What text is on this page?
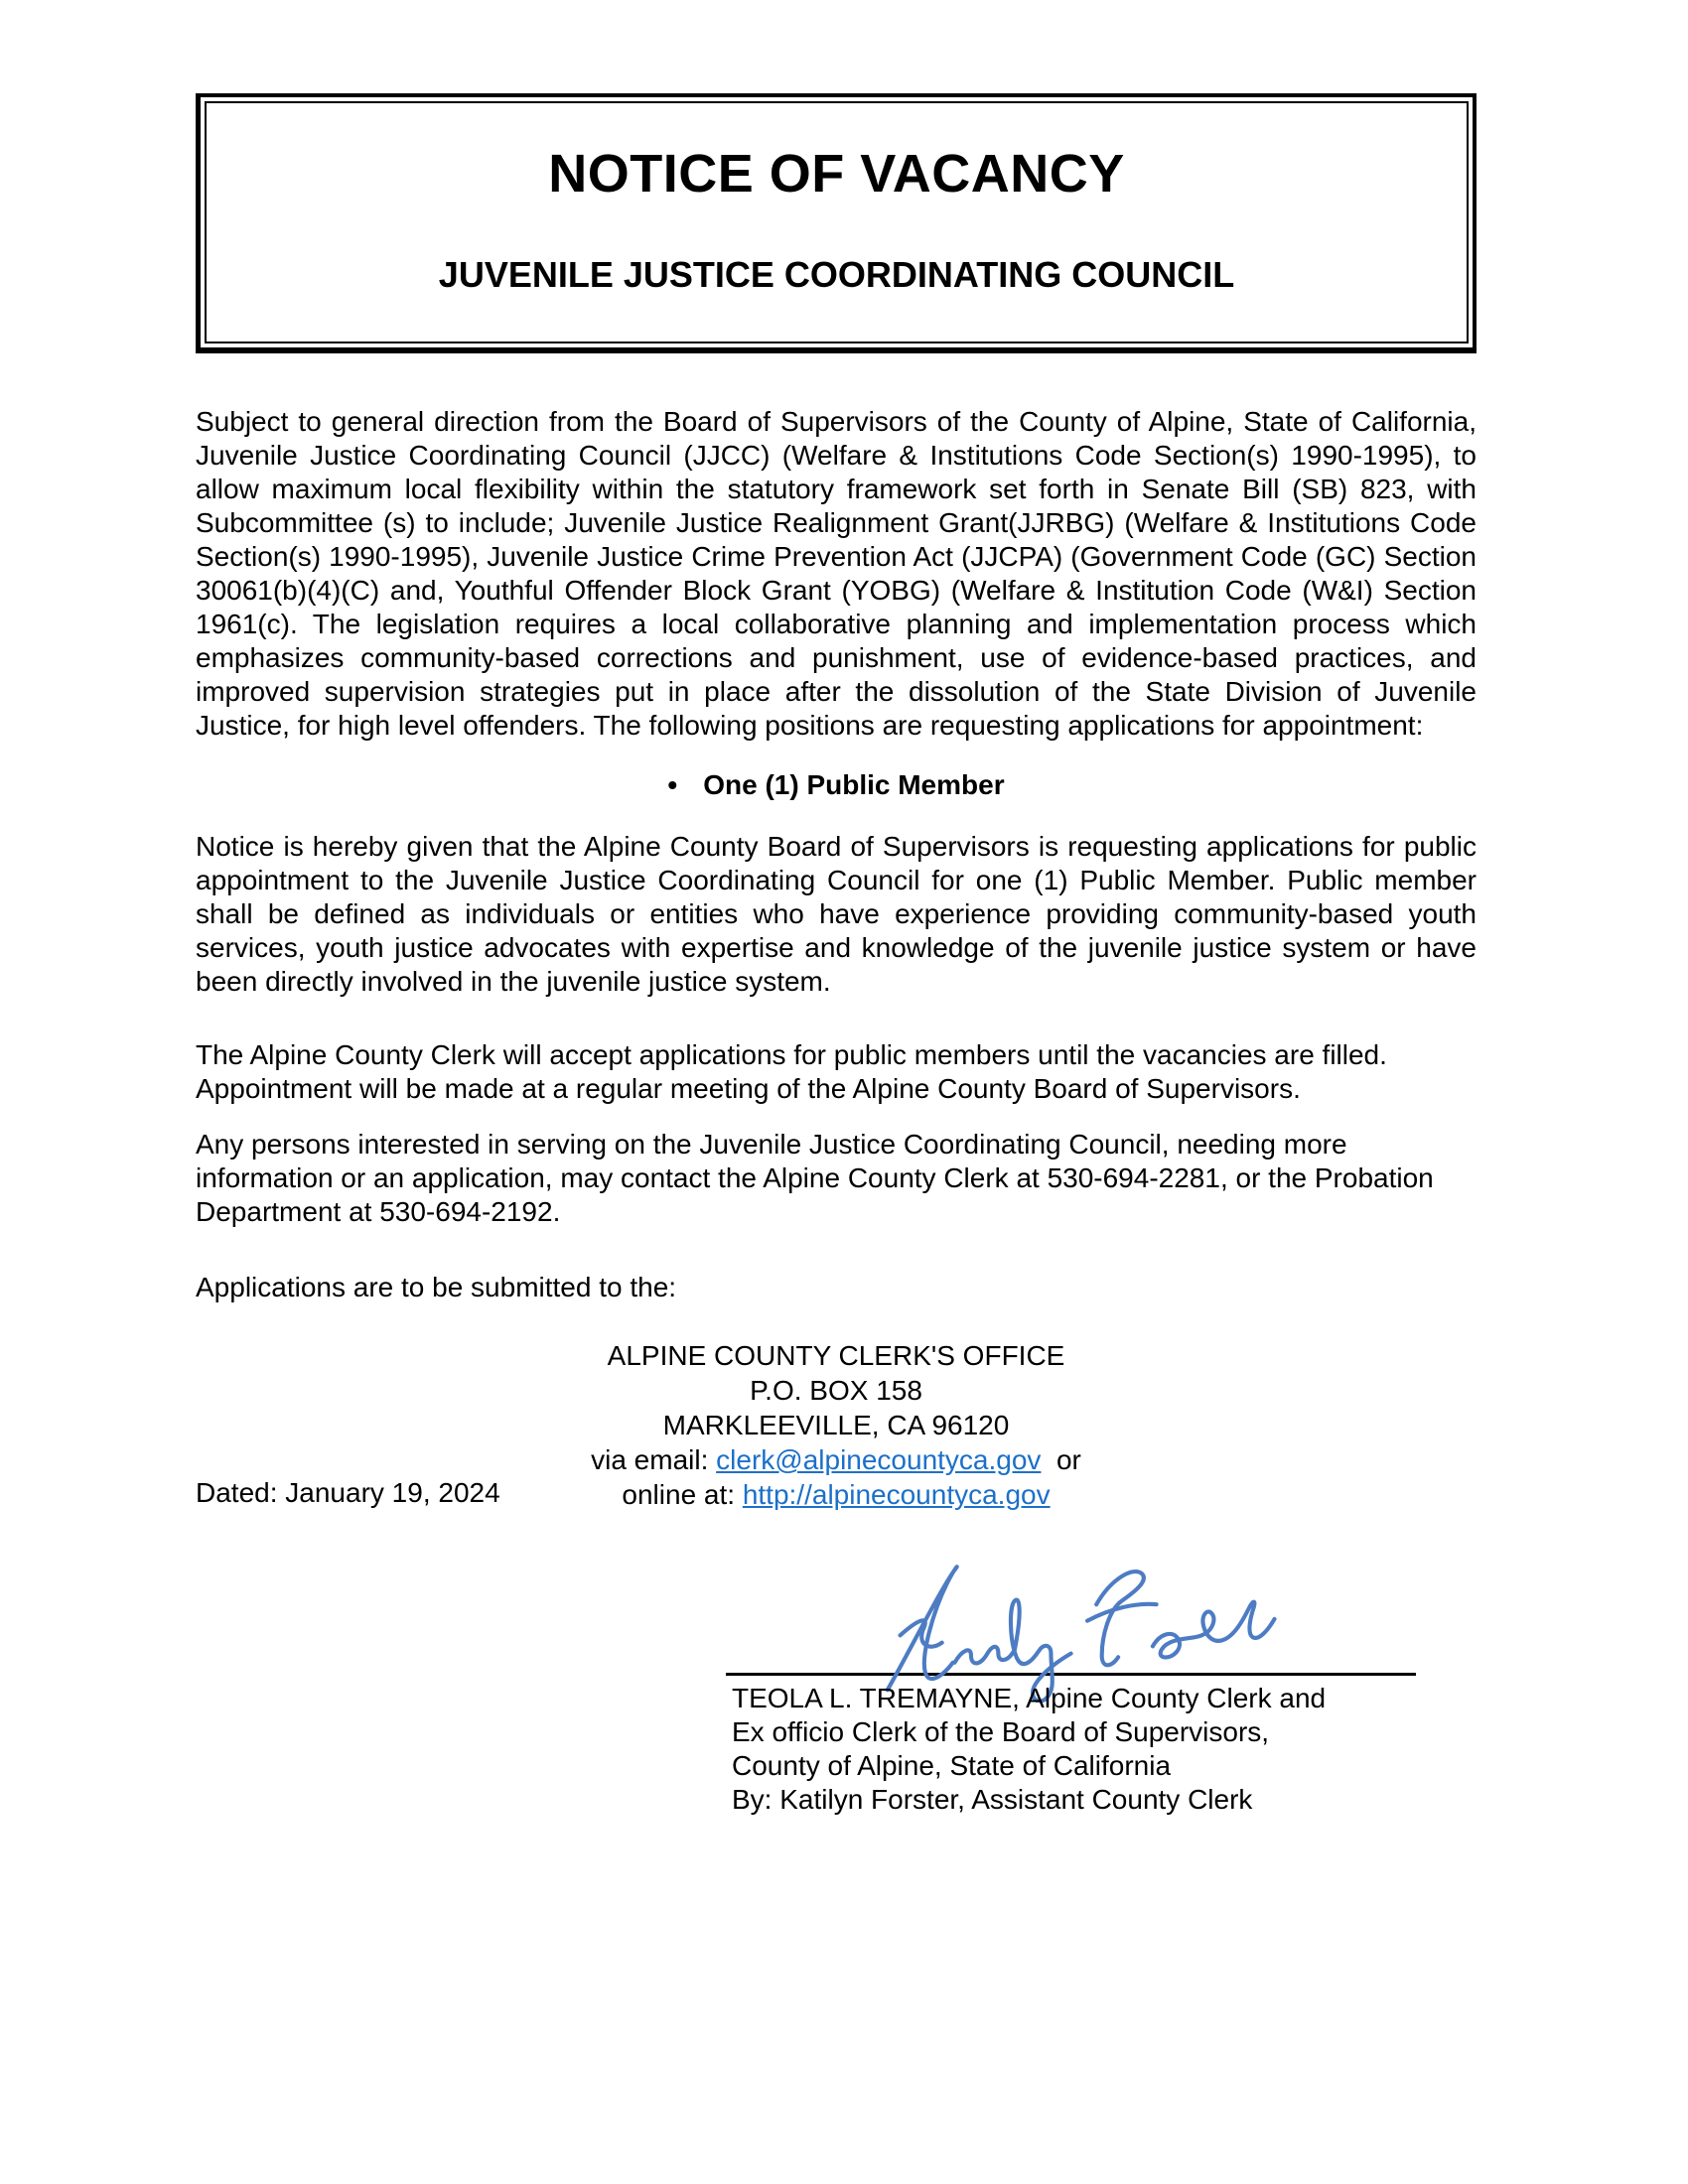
NOTICE OF VACANCY
JUVENILE JUSTICE COORDINATING COUNCIL

Subject to general direction from the Board of Supervisors of the County of Alpine, State of California, Juvenile Justice Coordinating Council (JJCC) (Welfare & Institutions Code Section(s) 1990-1995), to allow maximum local flexibility within the statutory framework set forth in Senate Bill (SB) 823, with Subcommittee (s) to include; Juvenile Justice Realignment Grant(JJRBG) (Welfare & Institutions Code Section(s) 1990-1995), Juvenile Justice Crime Prevention Act (JJCPA) (Government Code (GC) Section 30061(b)(4)(C) and, Youthful Offender Block Grant (YOBG) (Welfare & Institution Code (W&I) Section 1961(c). The legislation requires a local collaborative planning and implementation process which emphasizes community-based corrections and punishment, use of evidence-based practices, and improved supervision strategies put in place after the dissolution of the State Division of Juvenile Justice, for high level offenders. The following positions are requesting applications for appointment:

• One (1) Public Member

Notice is hereby given that the Alpine County Board of Supervisors is requesting applications for public appointment to the Juvenile Justice Coordinating Council for one (1) Public Member. Public member shall be defined as individuals or entities who have experience providing community-based youth services, youth justice advocates with expertise and knowledge of the juvenile justice system or have been directly involved in the juvenile justice system.

The Alpine County Clerk will accept applications for public members until the vacancies are filled. Appointment will be made at a regular meeting of the Alpine County Board of Supervisors.

Any persons interested in serving on the Juvenile Justice Coordinating Council, needing more information or an application, may contact the Alpine County Clerk at 530-694-2281, or the Probation Department at 530-694-2192.

Applications are to be submitted to the:

ALPINE COUNTY CLERK'S OFFICE
P.O. BOX 158
MARKLEEVILLE, CA 96120
via email: clerk@alpinecountyca.gov  or
online at: http://alpinecountyca.gov
Dated: January 19, 2024
TEOLA L. TREMAYNE, Alpine County Clerk and
Ex officio Clerk of the Board of Supervisors,
County of Alpine, State of California
By: Katilyn Forster, Assistant County Clerk
